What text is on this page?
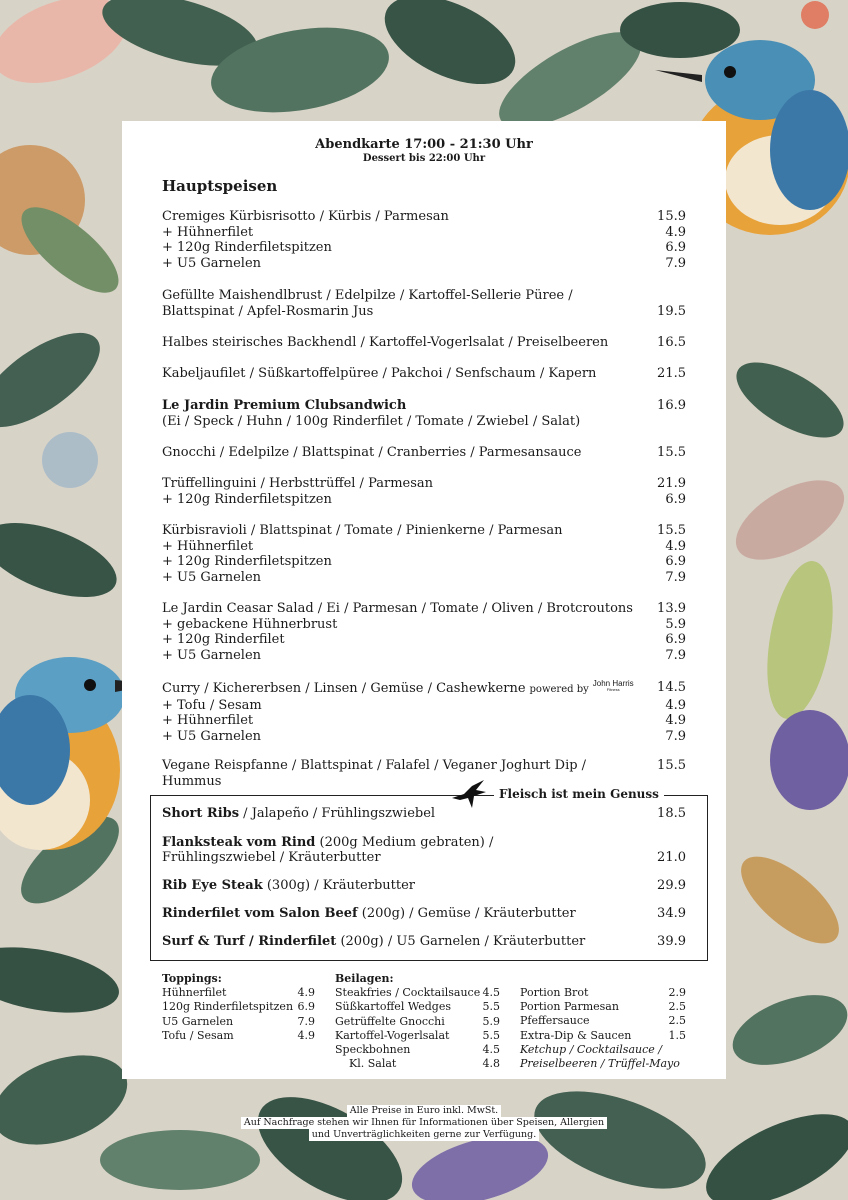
Abendkarte 17:00 - 21:30 Uhr
Dessert bis 22:00 Uhr
Hauptspeisen
Cremiges Kürbisrisotto / Kürbis / Parmesan	15.9
+ Hühnerfilet	4.9
+ 120g Rinderfiletspitzen	6.9
+ U5 Garnelen	7.9
Gefüllte Maishendlbrust / Edelpilze / Kartoffel-Sellerie Püree /
Blattspinat / Apfel-Rosmarin Jus	19.5
Halbes steirisches Backhendl / Kartoffel-Vogerlsalat / Preiselbeeren	16.5
Kabeljaufilet / Süßkartoffelpüree / Pakchoi / Senfschaum / Kapern	21.5
Le Jardin Premium Clubsandwich	16.9
(Ei / Speck / Huhn / 100g Rinderfilet / Tomate / Zwiebel / Salat)
Gnocchi / Edelpilze / Blattspinat / Cranberries / Parmesansauce	15.5
Trüffellinguini / Herbsttrüffel / Parmesan	21.9
+ 120g Rinderfiletspitzen	6.9
Kürbisravioli / Blattspinat / Tomate / Pinienkerne / Parmesan	15.5
+ Hühnerfilet	4.9
+ 120g Rinderfiletspitzen	6.9
+ U5 Garnelen	7.9
Le Jardin Ceasar Salad / Ei / Parmesan / Tomate / Oliven / Brotcroutons	13.9
+ gebackene Hühnerbrust	5.9
+ 120g Rinderfilet	6.9
+ U5 Garnelen	7.9
Curry / Kichererbsen / Linsen / Gemüse / Cashewkerne powered byJohn Harris
Fitness	14.5
+ Tofu / Sesam	4.9
+ Hühnerfilet	4.9
+ U5 Garnelen	7.9
Vegane Reispfanne / Blattspinat / Falafel / Veganer Joghurt Dip / Hummus
15.5
Fleisch ist mein Genuss
Short Ribs / Jalapeño / Frühlingszwiebel	18.5
Flanksteak vom Rind (200g Medium gebraten) /
Frühlingszwiebel / Kräuterbutter	21.0
Rib Eye Steak (300g) / Kräuterbutter	29.9
Rinderfilet vom Salon Beef (200g) / Gemüse / Kräuterbutter	34.9
Surf & Turf / Rinderfilet (200g) / U5 Garnelen / Kräuterbutter	39.9
Toppings:
Hühnerfilet	4.9
120g Rinderfiletspitzen 6.9
U5 Garnelen	7.9
Tofu / Sesam	4.9
Beilagen:
Steakfries / Cocktailsauce 4.5
Süßkartoffel Wedges	5.5
Getrüffelte Gnocchi	5.9
Kartoffel-Vogerlsalat	5.5
Speckbohnen	4.5
Kl. Salat	4.8
Portion Brot	2.9
Portion Parmesan	2.5
Pfeffersauce	2.5
Extra-Dip & Saucen	1.5
Ketchup / Cocktailsauce /
Preiselbeeren / Trüffel-Mayo
Alle Preise in Euro inkl. MwSt.
Auf Nachfrage stehen wir Ihnen für Informationen über Speisen, Allergien
und Unverträglichkeiten gerne zur Verfügung.
